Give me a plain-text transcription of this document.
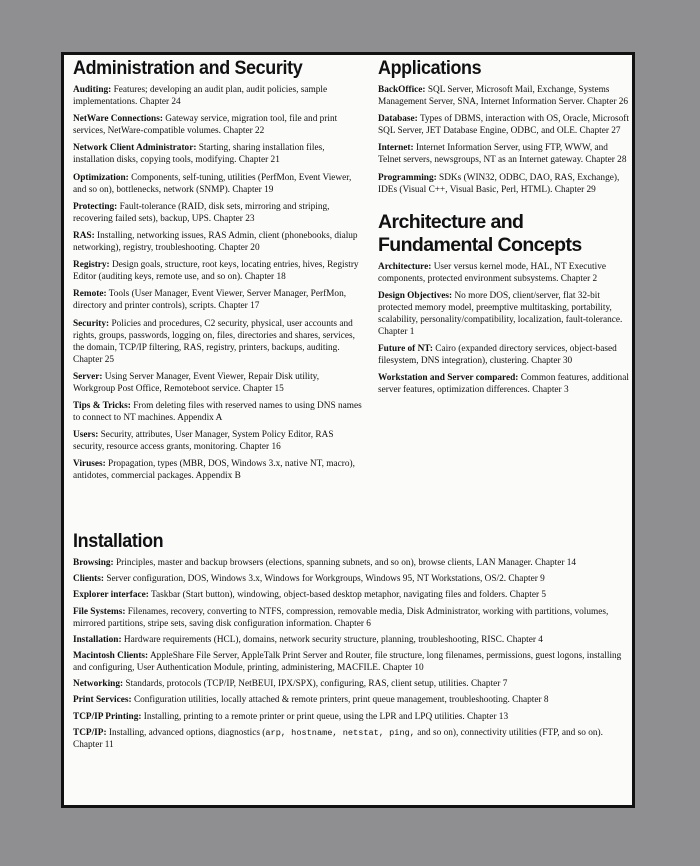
Administration and Security

Auditing: Features; developing an audit plan, audit policies, sample implementations. Chapter 24

NetWare Connections: Gateway service, migration tool, file and print services, NetWare-compatible volumes. Chapter 22

Network Client Administrator: Starting, sharing installation files, installation disks, copying tools, modifying. Chapter 21

Optimization: Components, self-tuning, utilities (PerfMon, Event Viewer, and so on), bottlenecks, network (SNMP). Chapter 19

Protecting: Fault-tolerance (RAID, disk sets, mirroring and striping, recovering failed sets), backup, UPS. Chapter 23

RAS: Installing, networking issues, RAS Admin, client (phonebooks, dialup networking), registry, troubleshooting. Chapter 20

Registry: Design goals, structure, root keys, locating entries, hives, Registry Editor (auditing keys, remote use, and so on). Chapter 18

Remote: Tools (User Manager, Event Viewer, Server Manager, PerfMon, directory and printer controls), scripts. Chapter 17

Security: Policies and procedures, C2 security, physical, user accounts and rights, groups, passwords, logging on, files, directories and shares, services, the domain, TCP/IP filtering, RAS, registry, printers, backups, auditing. Chapter 25

Server: Using Server Manager, Event Viewer, Repair Disk utility, Workgroup Post Office, Remoteboot service. Chapter 15

Tips & Tricks: From deleting files with reserved names to using DNS names to connect to NT machines. Appendix A

Users: Security, attributes, User Manager, System Policy Editor, RAS security, resource access grants, monitoring. Chapter 16

Viruses: Propagation, types (MBR, DOS, Windows 3.x, native NT, macro), antidotes, commercial packages. Appendix B

Applications

BackOffice: SQL Server, Microsoft Mail, Exchange, Systems Management Server, SNA, Internet Information Server. Chapter 26

Database: Types of DBMS, interaction with OS, Oracle, Microsoft SQL Server, JET Database Engine, ODBC, and OLE. Chapter 27

Internet: Internet Information Server, using FTP, WWW, and Telnet servers, newsgroups, NT as an Internet gateway. Chapter 28

Programming: SDKs (WIN32, ODBC, DAO, RAS, Exchange), IDEs (Visual C++, Visual Basic, Perl, HTML). Chapter 29

Architecture and Fundamental Concepts

Architecture: User versus kernel mode, HAL, NT Executive components, protected environment subsystems. Chapter 2

Design Objectives: No more DOS, client/server, flat 32-bit protected memory model, preemptive multitasking, portability, scalability, personality/compatibility, localization, fault-tolerance. Chapter 1

Future of NT: Cairo (expanded directory services, object-based filesystem, DNS integration), clustering. Chapter 30

Workstation and Server compared: Common features, additional server features, optimization differences. Chapter 3

Installation

Browsing: Principles, master and backup browsers (elections, spanning subnets, and so on), browse clients, LAN Manager. Chapter 14

Clients: Server configuration, DOS, Windows 3.x, Windows for Workgroups, Windows 95, NT Workstations, OS/2. Chapter 9

Explorer interface: Taskbar (Start button), windowing, object-based desktop metaphor, navigating files and folders. Chapter 5

File Systems: Filenames, recovery, converting to NTFS, compression, removable media, Disk Administrator, working with partitions, volumes, mirrored partitions, stripe sets, saving disk configuration information. Chapter 6

Installation: Hardware requirements (HCL), domains, network security structure, planning, troubleshooting, RISC. Chapter 4

Macintosh Clients: AppleShare File Server, AppleTalk Print Server and Router, file structure, long filenames, permissions, guest logons, installing and configuring, User Authentication Module, printing, administering, MACFILE. Chapter 10

Networking: Standards, protocols (TCP/IP, NetBEUI, IPX/SPX), configuring, RAS, client setup, utilities. Chapter 7

Print Services: Configuration utilities, locally attached & remote printers, print queue management, troubleshooting. Chapter 8

TCP/IP Printing: Installing, printing to a remote printer or print queue, using the LPR and LPQ utilities. Chapter 13

TCP/IP: Installing, advanced options, diagnostics (arp, hostname, netstat, ping, and so on), connectivity utilities (FTP, and so on). Chapter 11
